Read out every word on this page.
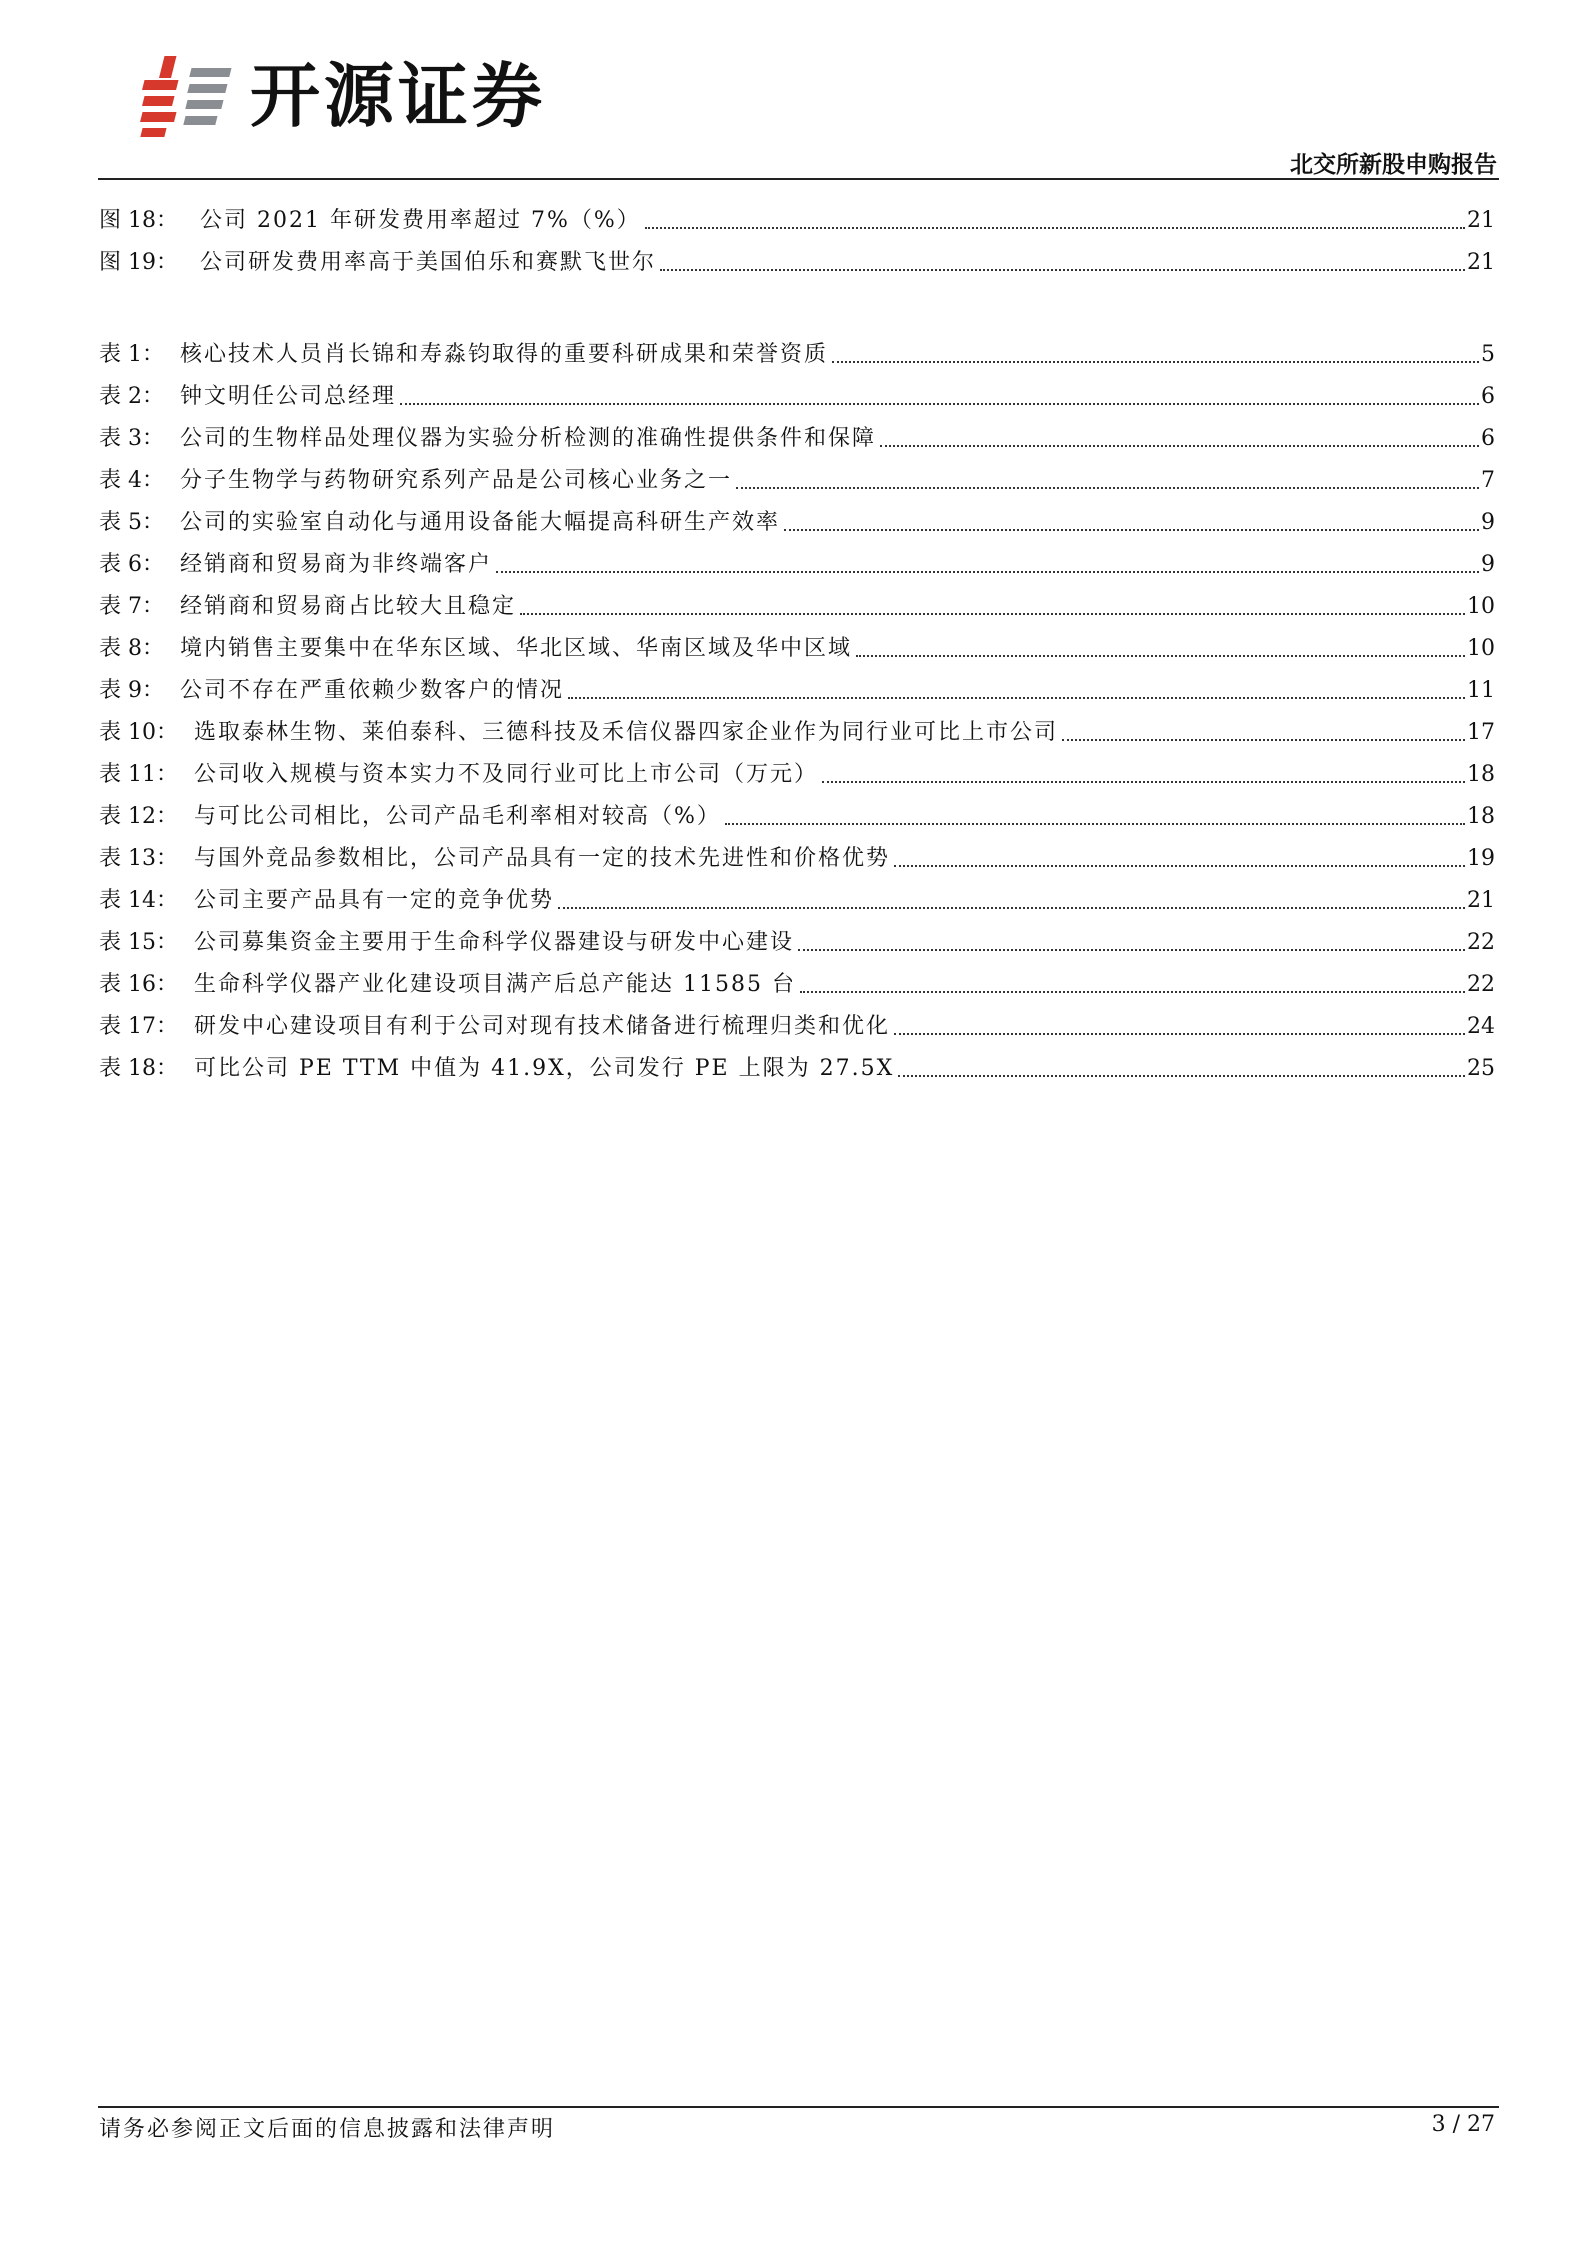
开源证券
北交所新股申购报告
图 18： 公司 2021 年研发费用率超过 7%（%）	21
图 19： 公司研发费用率高于美国伯乐和赛默飞世尔	21
表 1： 核心技术人员肖长锦和寿淼钧取得的重要科研成果和荣誉资质	5
表 2： 钟文明任公司总经理	6
表 3： 公司的生物样品处理仪器为实验分析检测的准确性提供条件和保障	6
表 4： 分子生物学与药物研究系列产品是公司核心业务之一	7
表 5： 公司的实验室自动化与通用设备能大幅提高科研生产效率	9
表 6： 经销商和贸易商为非终端客户	9
表 7： 经销商和贸易商占比较大且稳定	10
表 8： 境内销售主要集中在华东区域、华北区域、华南区域及华中区域	10
表 9： 公司不存在严重依赖少数客户的情况	11
表 10： 选取泰林生物、莱伯泰科、三德科技及禾信仪器四家企业作为同行业可比上市公司	17
表 11： 公司收入规模与资本实力不及同行业可比上市公司（万元）	18
表 12： 与可比公司相比，公司产品毛利率相对较高（%）	18
表 13： 与国外竞品参数相比，公司产品具有一定的技术先进性和价格优势	19
表 14： 公司主要产品具有一定的竞争优势	21
表 15： 公司募集资金主要用于生命科学仪器建设与研发中心建设	22
表 16： 生命科学仪器产业化建设项目满产后总产能达 11585 台	22
表 17： 研发中心建设项目有利于公司对现有技术储备进行梳理归类和优化	24
表 18： 可比公司 PE TTM 中值为 41.9X，公司发行 PE 上限为 27.5X	25
请务必参阅正文后面的信息披露和法律声明	3 / 27
